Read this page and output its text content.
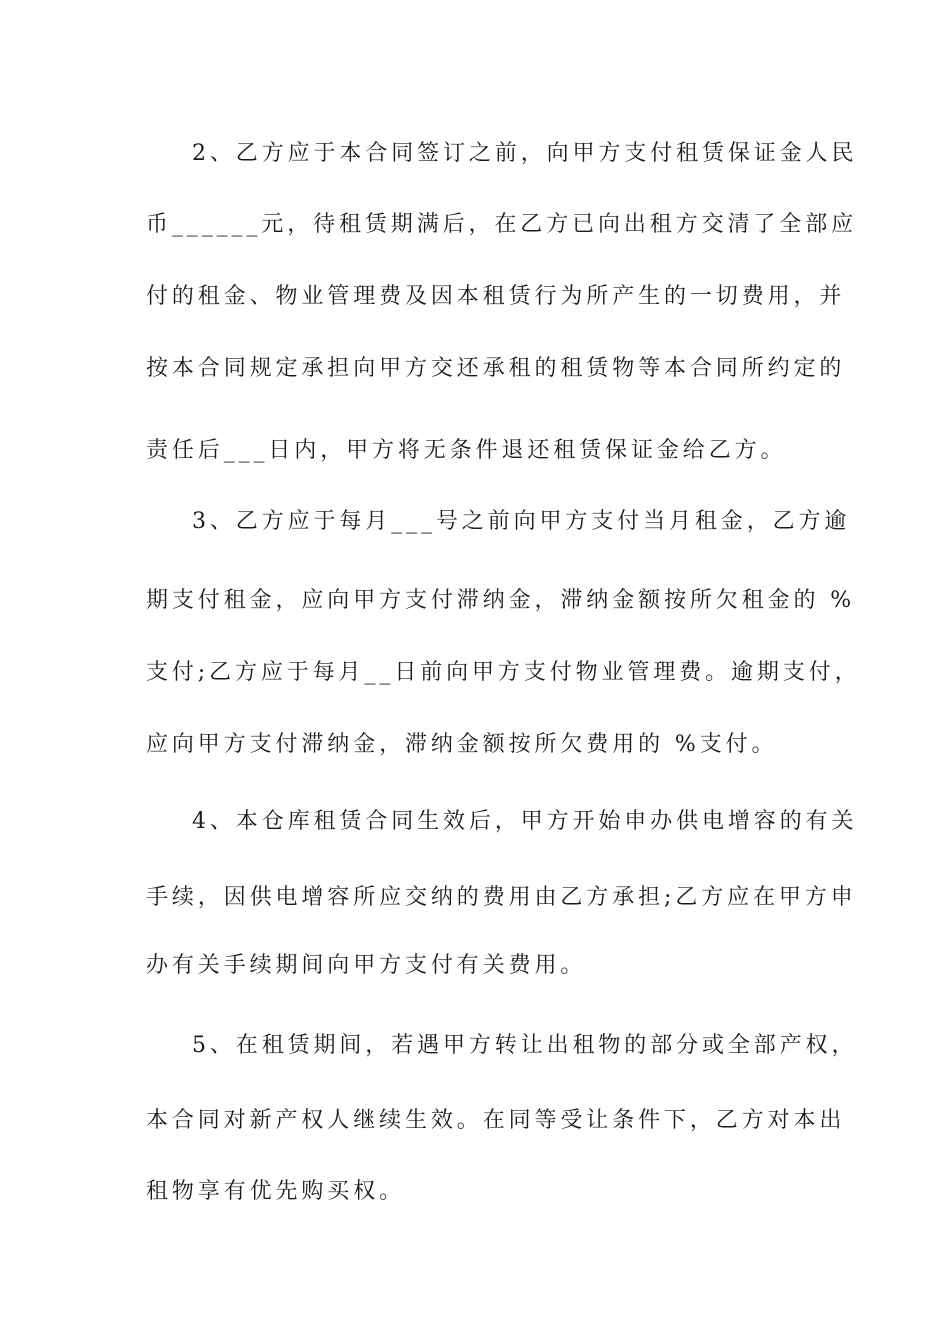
2、乙方应于本合同签订之前，向甲方支付租赁保证金人民
币______元，待租赁期满后，在乙方已向出租方交清了全部应
付的租金、物业管理费及因本租赁行为所产生的一切费用，并
按本合同规定承担向甲方交还承租的租赁物等本合同所约定的
责任后___日内，甲方将无条件退还租赁保证金给乙方。
3、乙方应于每月___号之前向甲方支付当月租金，乙方逾
期支付租金，应向甲方支付滞纳金，滞纳金额按所欠租金的 %
支付;乙方应于每月__日前向甲方支付物业管理费。逾期支付，
应向甲方支付滞纳金，滞纳金额按所欠费用的 %支付。
4、本仓库租赁合同生效后，甲方开始申办供电增容的有关
手续，因供电增容所应交纳的费用由乙方承担;乙方应在甲方申
办有关手续期间向甲方支付有关费用。
5、在租赁期间，若遇甲方转让出租物的部分或全部产权，
本合同对新产权人继续生效。在同等受让条件下，乙方对本出
租物享有优先购买权。
